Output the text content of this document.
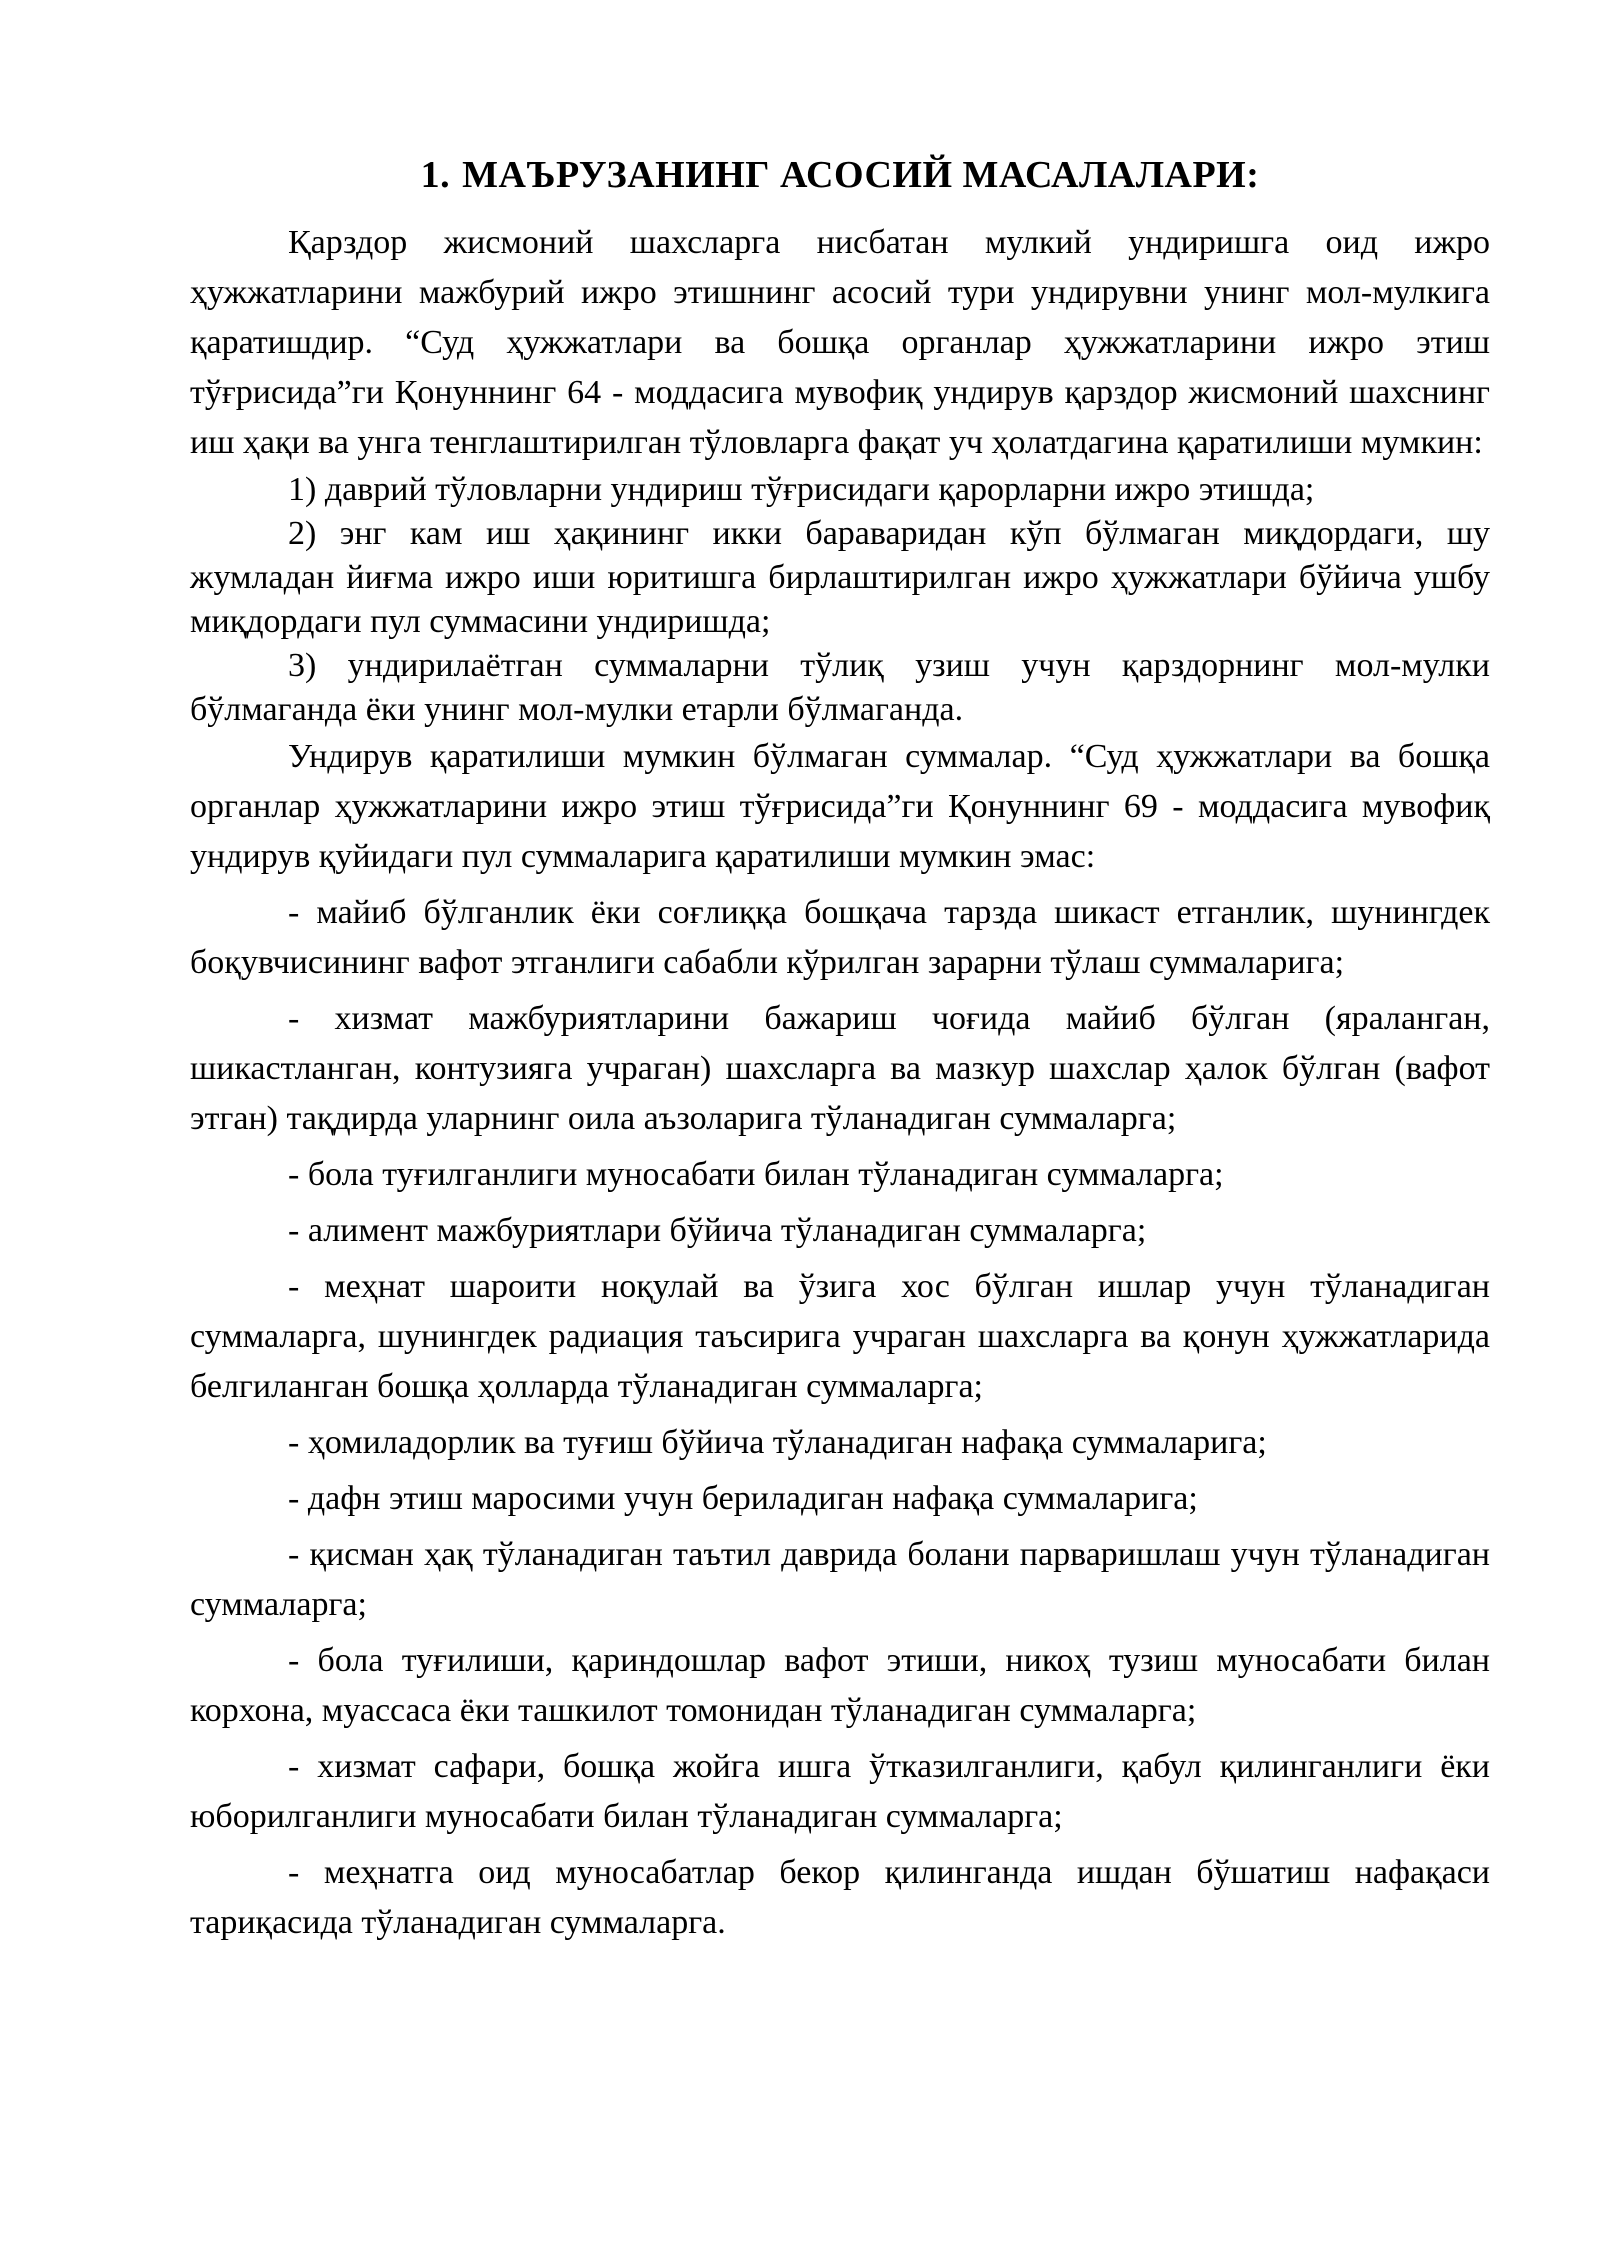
1. МАЪРУЗАНИНГ АСОСИЙ МАСАЛАЛАРИ:

Қарздор жисмоний шахсларга нисбатан мулкий ундиришга оид ижро ҳужжатларини мажбурий ижро этишнинг асосий тури ундирувни унинг мол-мулкига қаратишдир. “Суд ҳужжатлари ва бошқа органлар ҳужжатларини ижро этиш тўғрисида”ги Қонуннинг 64 - моддасига мувофиқ ундирув қарздор жисмоний шахснинг иш ҳақи ва унга тенглаштирилган тўловларга фақат уч ҳолатдагина қаратилиши мумкин:

1) даврий тўловларни ундириш тўғрисидаги қарорларни ижро этишда;

2) энг кам иш ҳақининг икки бараваридан кўп бўлмаган миқдордаги, шу жумладан йиғма ижро иши юритишга бирлаштирилган ижро ҳужжатлари бўйича ушбу миқдордаги пул суммасини ундиришда;

3) ундирилаётган суммаларни тўлиқ узиш учун қарздорнинг мол-мулки бўлмаганда ёки унинг мол-мулки етарли бўлмаганда.

Ундирув қаратилиши мумкин бўлмаган суммалар. “Суд ҳужжатлари ва бошқа органлар ҳужжатларини ижро этиш тўғрисида”ги Қонуннинг 69 - моддасига мувофиқ ундирув қуйидаги пул суммаларига қаратилиши мумкин эмас:

- майиб бўлганлик ёки соғлиққа бошқача тарзда шикаст етганлик, шунингдек боқувчисининг вафот этганлиги сабабли кўрилган зарарни тўлаш суммаларига;

- хизмат мажбуриятларини бажариш чоғида майиб бўлган (яраланган, шикастланган, контузияга учраган) шахсларга ва мазкур шахслар ҳалок бўлган (вафот этган) тақдирда уларнинг оила аъзоларига тўланадиган суммаларга;

- бола туғилганлиги муносабати билан тўланадиган суммаларга;

- алимент мажбуриятлари бўйича тўланадиган суммаларга;

- меҳнат шароити ноқулай ва ўзига хос бўлган ишлар учун тўланадиган суммаларга, шунингдек радиация таъсирига учраган шахсларга ва қонун ҳужжатларида белгиланган бошқа ҳолларда тўланадиган суммаларга;

- ҳомиладорлик ва туғиш бўйича тўланадиган нафақа суммаларига;

- дафн этиш маросими учун бериладиган нафақа суммаларига;

- қисман ҳақ тўланадиган таътил даврида болани парваришлаш учун тўланадиган суммаларга;

- бола туғилиши, қариндошлар вафот этиши, никоҳ тузиш муносабати билан корхона, муассаса ёки ташкилот томонидан тўланадиган суммаларга;

- хизмат сафари, бошқа жойга ишга ўтказилганлиги, қабул қилинганлиги ёки юборилганлиги муносабати билан тўланадиган суммаларга;

- меҳнатга оид муносабатлар бекор қилинганда ишдан бўшатиш нафақаси тариқасида тўланадиган суммаларга.
